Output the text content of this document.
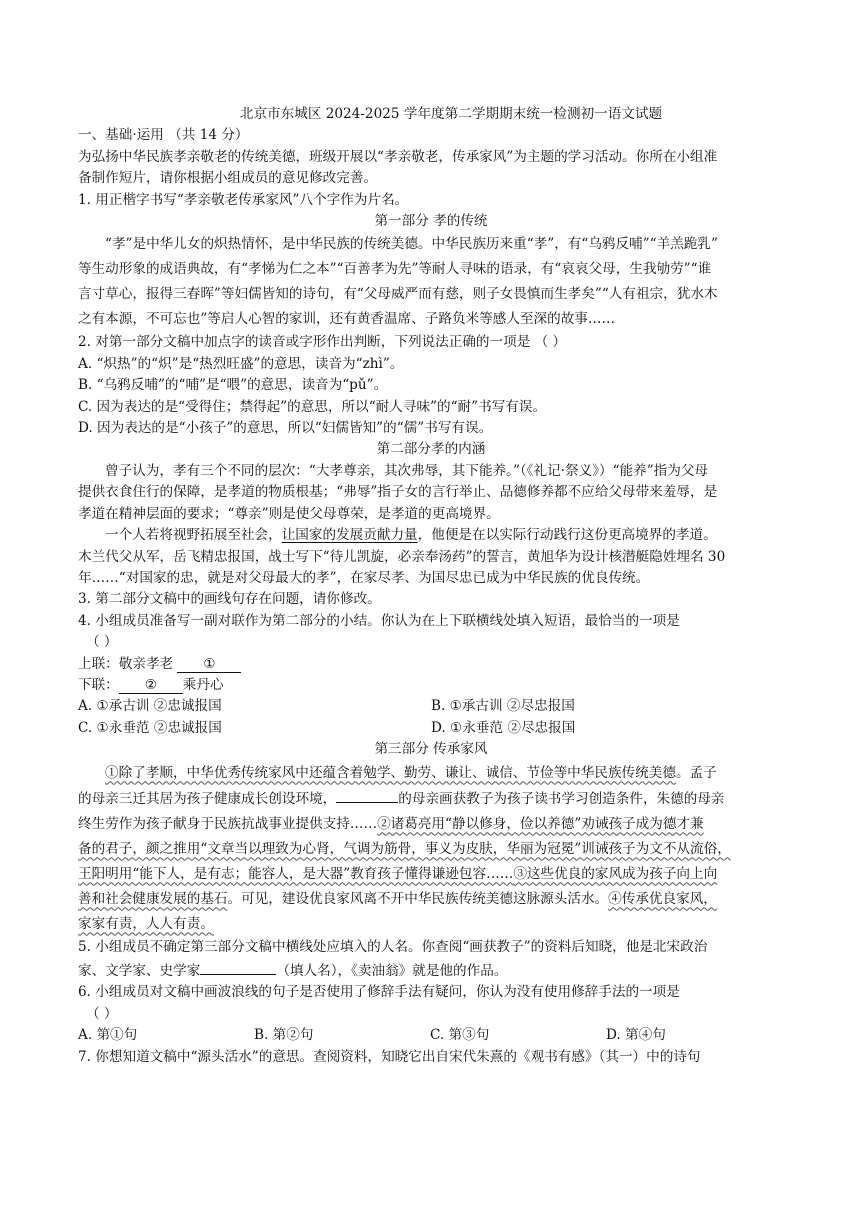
北京市东城区 2024-2025 学年度第二学期期末统一检测初一语文试题
一、基础·运用 （共 14 分）
为弘扬中华民族孝亲敬老的传统美德，班级开展以“孝亲敬老，传承家风”为主题的学习活动。你所在小组准
备制作短片，请你根据小组成员的意见修改完善。
1. 用正楷字书写“孝亲敬老传承家风”八个字作为片名。
第一部分 孝的传统
“孝”是中华儿女的炽热情怀，是中华民族的传统美德。中华民族历来重“孝”，有“乌鸦反哺”“羊羔跪乳”
等生动形象的成语典故，有“孝悌为仁之本”“百善孝为先”等耐人寻味的语录，有“哀哀父母，生我劬劳”“谁
言寸草心，报得三春晖”等妇儒皆知的诗句，有“父母威严而有慈，则子女畏慎而生孝矣”“人有祖宗，犹水木
之有本源，不可忘也”等启人心智的家训，还有黄香温席、子路负米等感人至深的故事……
2. 对第一部分文稿中加点字的读音或字形作出判断，下列说法正确的一项是 （ ）
A. “炽热”的“炽”是“热烈旺盛”的意思，读音为“zhì”。
B. “乌鸦反哺”的“哺”是“喂”的意思，读音为“pǔ”。
C. 因为表达的是“受得住；禁得起”的意思，所以“耐人寻味”的“耐”书写有误。
D. 因为表达的是“小孩子”的意思，所以“妇儒皆知”的“儒”书写有误。
第二部分孝的内涵
曾子认为，孝有三个不同的层次：“大孝尊亲，其次弗辱，其下能养。”（《礼记·祭义》）“能养”指为父母
提供衣食住行的保障，是孝道的物质根基；“弗辱”指子女的言行举止、品德修养都不应给父母带来羞辱，是
孝道在精神层面的要求；“尊亲”则是使父母尊荣，是孝道的更高境界。
一个人若将视野拓展至社会，让国家的发展贡献力量，他便是在以实际行动践行这份更高境界的孝道。
木兰代父从军，岳飞精忠报国，战士写下“待儿凯旋，必亲奉汤药”的誓言，黄旭华为设计核潜艇隐姓埋名 30
年……“对国家的忠，就是对父母最大的孝”，在家尽孝、为国尽忠已成为中华民族的优良传统。
3. 第二部分文稿中的画线句存在问题，请你修改。
4. 小组成员准备写一副对联作为第二部分的小结。你认为在上下联横线处填入短语，最恰当的一项是
（ ）
上联：敬亲孝老 ①
下联： ② 乘丹心
A. ①承古训 ②忠诚报国	B. ①承古训 ②尽忠报国
C. ①永垂范 ②忠诚报国	D. ①永垂范 ②尽忠报国
第三部分 传承家风
①除了孝顺，中华优秀传统家风中还蕴含着勉学、勤劳、谦让、诚信、节俭等中华民族传统美德。孟子
的母亲三迁其居为孩子健康成长创设环境，	的母亲画获教子为孩子读书学习创造条件，朱德的母亲
终生劳作为孩子献身于民族抗战事业提供支持……②诸葛亮用“静以修身，俭以养德”劝诫孩子成为德才兼
备的君子，颜之推用“文章当以理致为心肾，气调为筋骨，事义为皮肤，华丽为冠冕”训诫孩子为文不从流俗，
王阳明用“能下人，是有志；能容人，是大器”教育孩子懂得谦逊包容……③这些优良的家风成为孩子向上向
善和社会健康发展的基石。可见，建设优良家风离不开中华民族传统美德这脉源头活水。④传承优良家风，
家家有责，人人有责。
5. 小组成员不确定第三部分文稿中横线处应填入的人名。你查阅“画获教子”的资料后知晓，他是北宋政治
家、文学家、史学家	（填人名），《卖油翁》就是他的作品。
6. 小组成员对文稿中画波浪线的句子是否使用了修辞手法有疑问，你认为没有使用修辞手法的一项是
（ ）
A. 第①句	B. 第②句	C. 第③句	D. 第④句
7. 你想知道文稿中“源头活水”的意思。查阅资料，知晓它出自宋代朱熹的《观书有感》（其一）中的诗句
